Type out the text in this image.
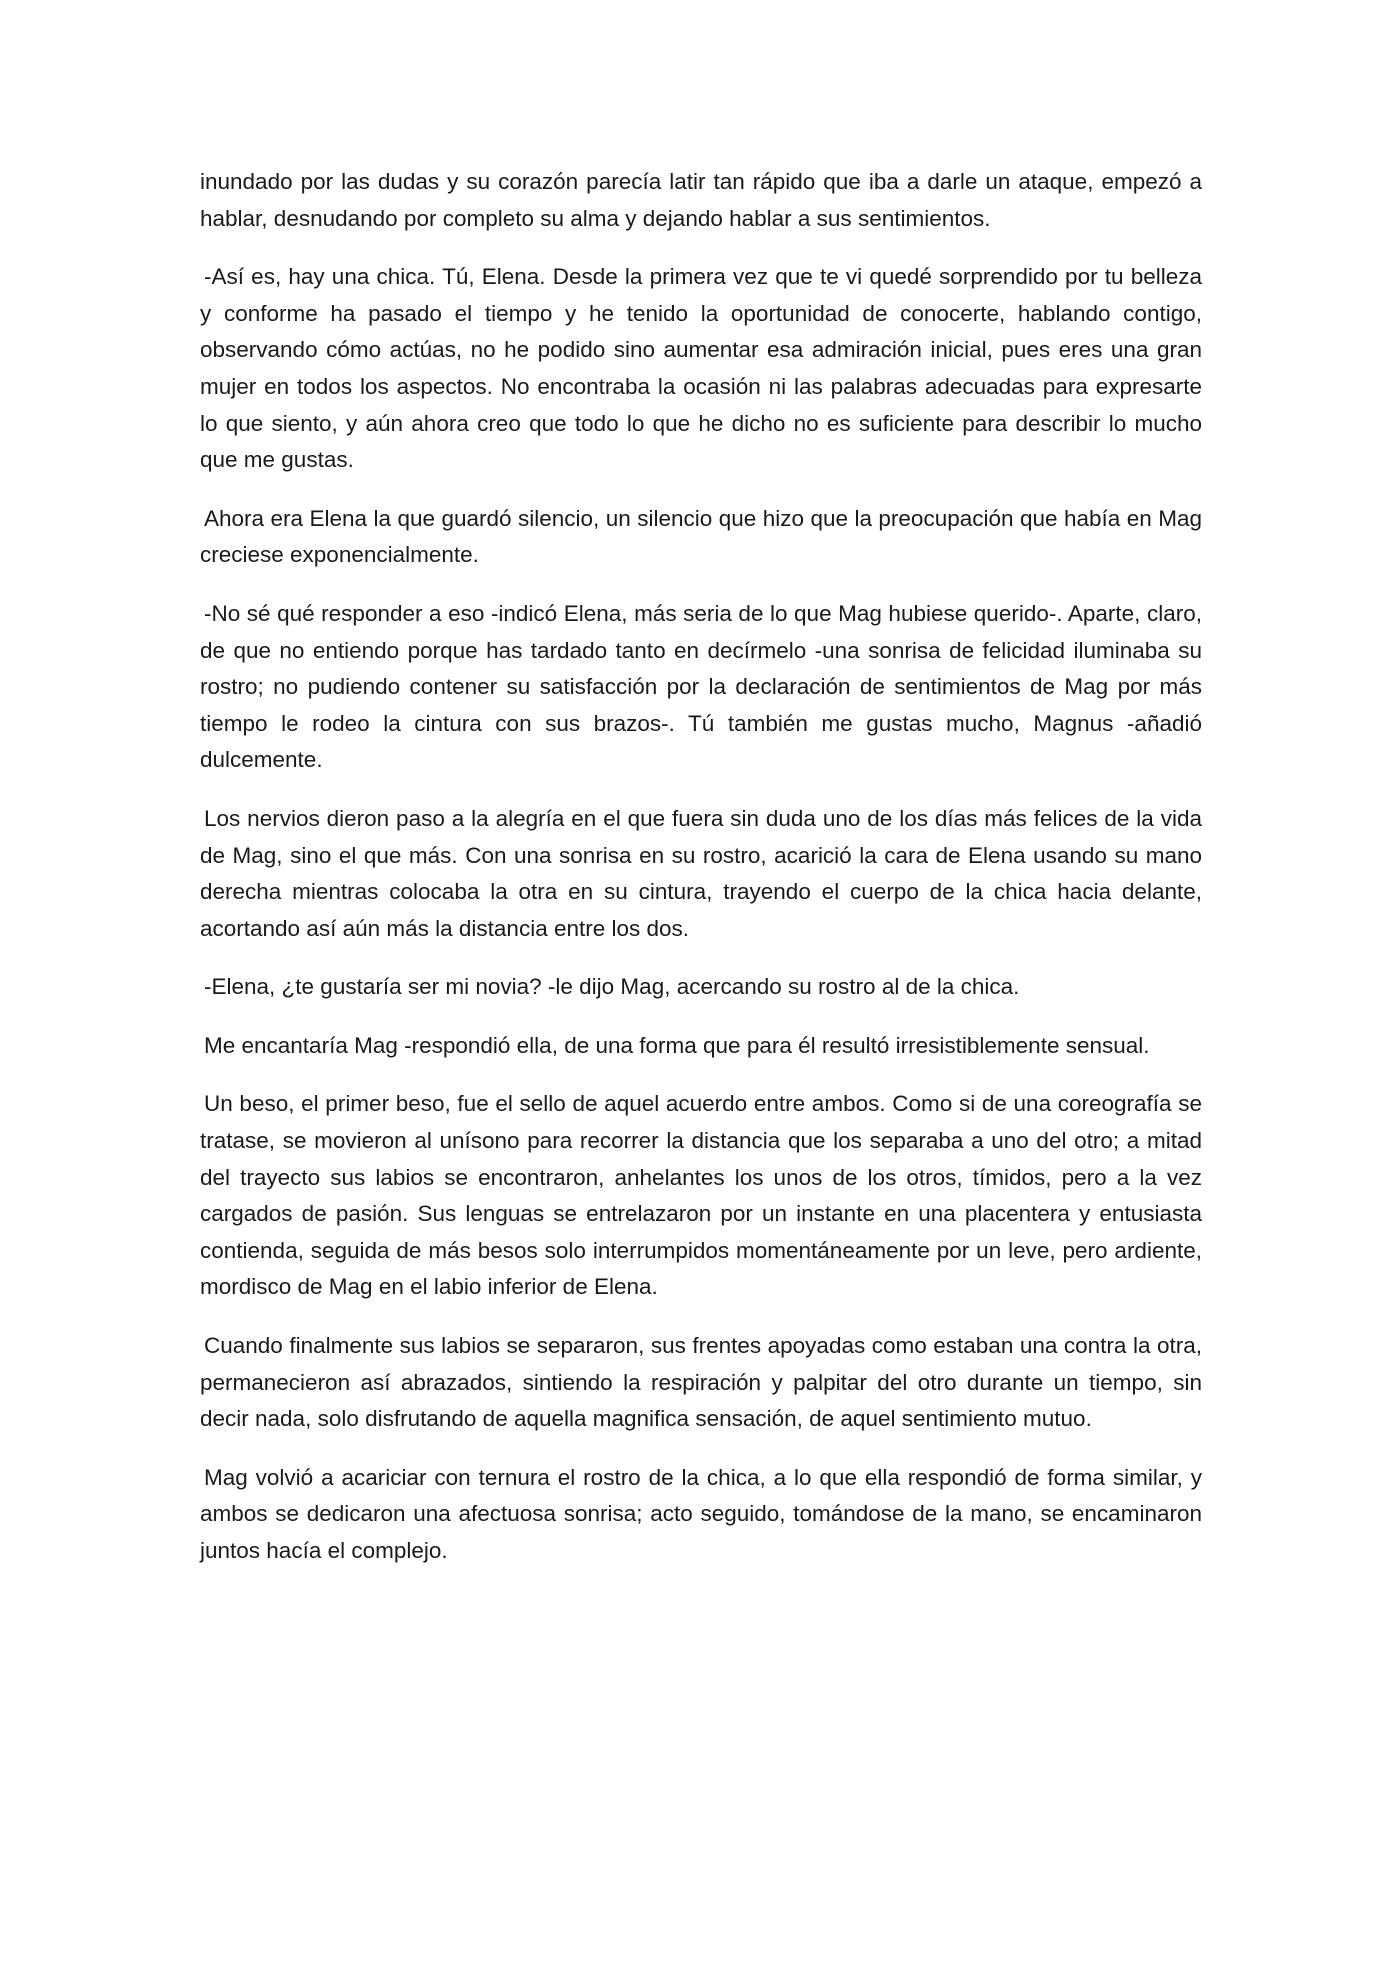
inundado por las dudas y su corazón parecía latir tan rápido que iba a darle un ataque, empezó a hablar, desnudando por completo su alma y dejando hablar a sus sentimientos.

-Así es, hay una chica. Tú, Elena. Desde la primera vez que te vi quedé sorprendido por tu belleza y conforme ha pasado el tiempo y he tenido la oportunidad de conocerte, hablando contigo, observando cómo actúas, no he podido sino aumentar esa admiración inicial, pues eres una gran mujer en todos los aspectos. No encontraba la ocasión ni las palabras adecuadas para expresarte lo que siento, y aún ahora creo que todo lo que he dicho no es suficiente para describir lo mucho que me gustas.

Ahora era Elena la que guardó silencio, un silencio que hizo que la preocupación que había en Mag creciese exponencialmente.

-No sé qué responder a eso -indicó Elena, más seria de lo que Mag hubiese querido-. Aparte, claro, de que no entiendo porque has tardado tanto en decírmelo -una sonrisa de felicidad iluminaba su rostro; no pudiendo contener su satisfacción por la declaración de sentimientos de Mag por más tiempo le rodeo la cintura con sus brazos-. Tú también me gustas mucho, Magnus -añadió dulcemente.

Los nervios dieron paso a la alegría en el que fuera sin duda uno de los días más felices de la vida de Mag, sino el que más. Con una sonrisa en su rostro, acarició la cara de Elena usando su mano derecha mientras colocaba la otra en su cintura, trayendo el cuerpo de la chica hacia delante, acortando así aún más la distancia entre los dos.

-Elena, ¿te gustaría ser mi novia? -le dijo Mag, acercando su rostro al de la chica.

Me encantaría Mag -respondió ella, de una forma que para él resultó irresistiblemente sensual.

Un beso, el primer beso, fue el sello de aquel acuerdo entre ambos. Como si de una coreografía se tratase, se movieron al unísono para recorrer la distancia que los separaba a uno del otro; a mitad del trayecto sus labios se encontraron, anhelantes los unos de los otros, tímidos, pero a la vez cargados de pasión. Sus lenguas se entrelazaron por un instante en una placentera y entusiasta contienda, seguida de más besos solo interrumpidos momentáneamente por un leve, pero ardiente, mordisco de Mag en el labio inferior de Elena.

Cuando finalmente sus labios se separaron, sus frentes apoyadas como estaban una contra la otra, permanecieron así abrazados, sintiendo la respiración y palpitar del otro durante un tiempo, sin decir nada, solo disfrutando de aquella magnifica sensación, de aquel sentimiento mutuo.

Mag volvió a acariciar con ternura el rostro de la chica, a lo que ella respondió de forma similar, y ambos se dedicaron una afectuosa sonrisa; acto seguido, tomándose de la mano, se encaminaron juntos hacía el complejo.
